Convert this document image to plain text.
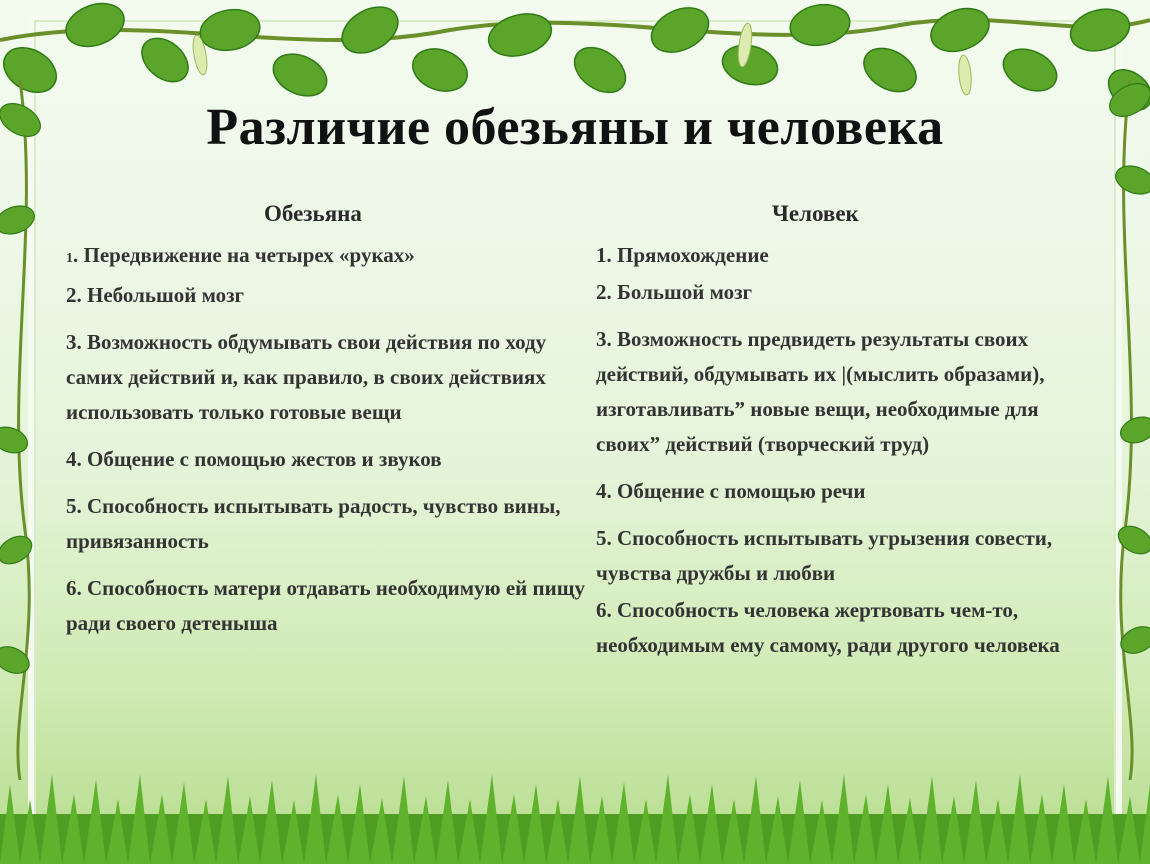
Различие обезьяны и человека
Обезьяна
1. Передвижение на четырех «руках»
2. Небольшой мозг
3. Возможность обдумывать свои действия по ходу самих действий и, как правило, в своих действиях использовать только готовые вещи
4. Общение с помощью жестов и звуков
5. Способность испытывать радость, чувство вины, привязанность
6. Способность матери отдавать необходимую ей пищу ради своего детеныша
Человек
1. Прямохождение
2. Большой мозг
3. Возможность предвидеть результаты своих действий, обдумывать их |(мыслить образами), изготавливать” новые вещи, необходимые для своих” действий (творческий труд)
4. Общение с помощью речи
5. Способность испытывать угрызения совести, чувства дружбы и любви
6. Способность человека жертвовать чем-то, необходимым ему самому, ради другого человека
